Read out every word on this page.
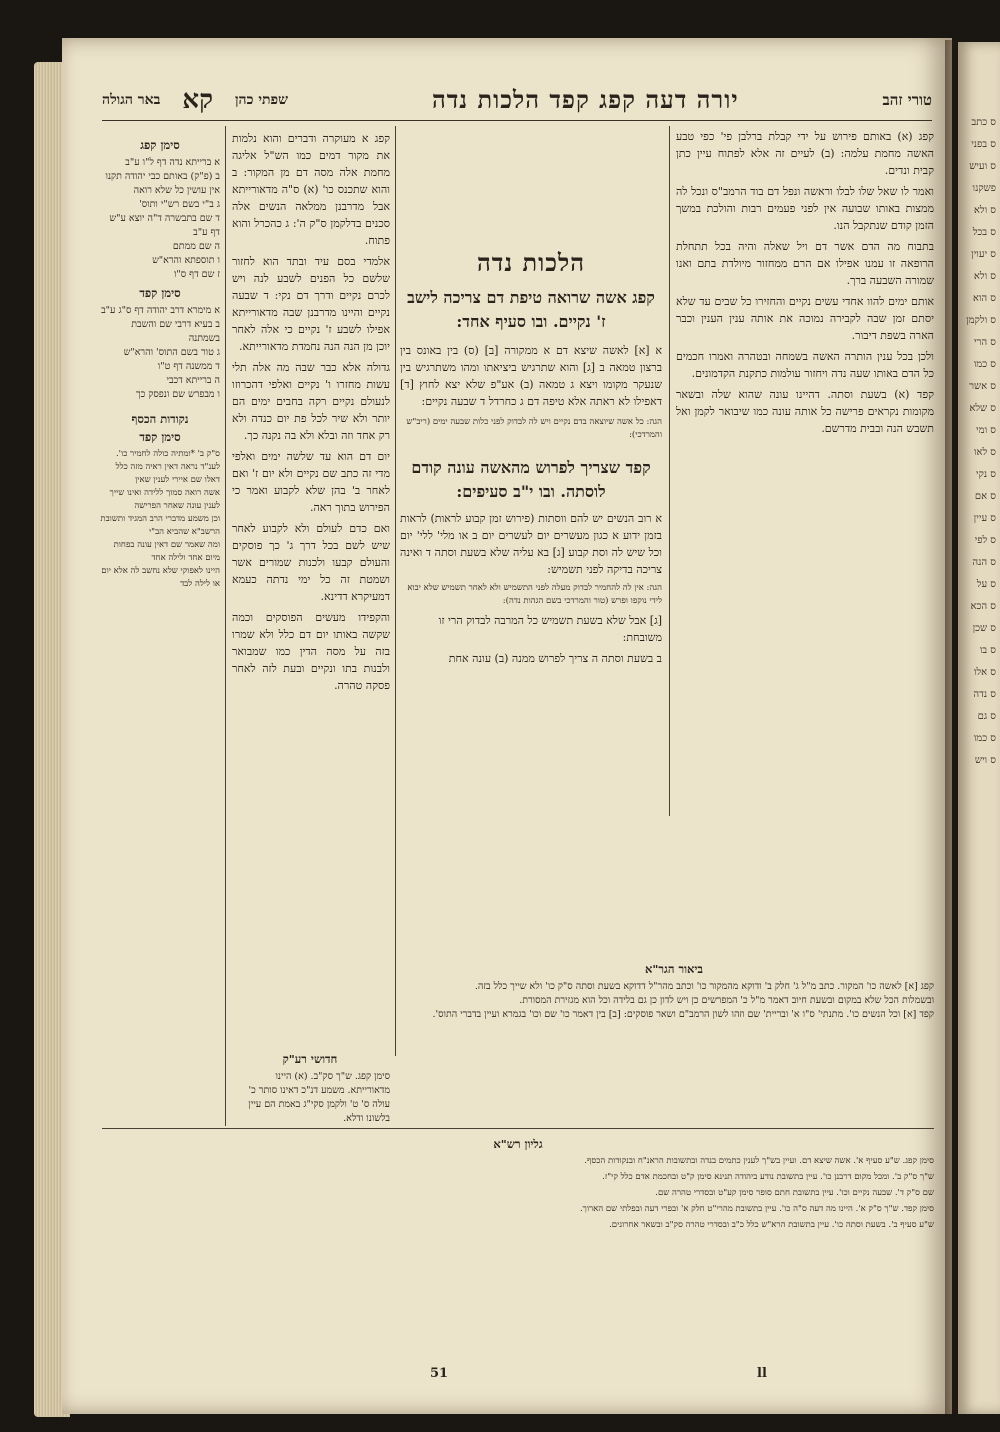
טורי זהב
יורה דעה קפג קפד הלכות נדה
שפתי כהן
קא
באר הגולה

קפג (א) באותם פירוש על ידי קבלת ברלבן פי' כפי טבע האשה מחמת עלמה: (ב) לעיים זה אלא לפתוח עיין כתן קבית ונדים.

ואמר לו שאל שלו לבלו וראשה ונפל דם בוד הרמב"ס ונכל לה ממצות באותו שבועה אין לפני פעמים רבות והולכת במשך הזמן קודם שנתקבל הנו.

בתבוח מה הדם אשר דם ויל שאלה והיה בכל תתחלת הרופאה זו עמנו אפילו אם הרם ממחזור מיולדת בתם ואנו שמורה השבעה ברך.

אותם ימים להוו אחדי עשים נקיים והחזירו כל שבים עד שלא יסתם זמן שבה לקבירה נמוכה את אותה ענין הענין וכבר הארה בשפת דיבור.

ולכן בכל ענין הותרה האשה בשמחה ובטהרה ואמרו חכמים כל הדם באותו שעה נדה ויחזור עולמות כתקנת הקדמונים.

קפד (א) בשעת וסתה. דהיינו עונה שהוא שלה ובשאר מקומות נקראים פרישה כל אותה עונה כמו שיבואר לקמן ואל תשבש הנה ובבית מדרשם.

הלכות נדה
קפג אשה שרואה טיפת דם צריכה לישב ז' נקיים. ובו סעיף אחד:
א [א] לאשה שיצא דם א ממקורה [ב] (ס) בין באונס בין ברצון טמאה ב [ג] והוא שתרגיש ביציאתו ומהו משתרגיש בין שנעקר מקומו ויצא ג טמאה (ב) אע"פ שלא יצא לחוץ [ד] דאפילו לא ראתה אלא טיפה דם ג כחרדל ד שבעה נקיים:
הגה: כל אשה שיוצאה בדם נקיים ויש לה לבדוק לפני כלות שבעה ימים (ריב"ש והמרדכי):
קפד שצריך לפרוש מהאשה עונה קודם לוסתה. ובו י"ב סעיפים:
א רוב הנשים יש להם ווסתות (פירוש זמן קבוע לראות) לראות בזמן ידוע א כגון מעשרים יום לעשרים יום ב או מלי' ללי' יום וכל שיש לה וסת קבוע [ג] בא עליה שלא בשעת וסתה ד ואינה צריכה בדיקה לפני תשמיש:
הגה: אין לה להחמיר לבדוק מעלה לפני התשמיש ולא לאחר תשמיש שלא יבוא לידי נוקפו ופרש (טור והמרדכי בשם הגהות נדה):
[ג] אבל שלא בשעת תשמיש כל המרבה לבדוק הרי זו משובחת:
ב בשעת וסתה ה צריך לפרוש ממנה (ב) עונה אחת

קפג א מעוקרה ודברים והוא נלמות את מקור דמים כמו הש"ל אליגה מחמת אלה מסה דם מן המקור: ב והוא שתכנס כו' (א) ס"ה מדאורייתא אבל מדרבנן ממלאה הנשים אלה סכנים בדלקמן ס"ק ה': ג כהכרל והוא פתוח.

אלמדי בסם עיד ובתד הוא לחזור שלשם כל הפנים לשבע לנה ויש לכרם נקיים ודרך דם נקי: ד שבעה נקיים והיינו מדרבנן שבה מדאורייתא אפילו לשבע ז' נקיים כי אלה לאחר יוכן מן הנה הנה נחמדת מדאורייתא.

גדולה אלא כבר שבה מה אלה תלי עשות מחזרו ו' נקיים ואלפי דהכרוזו לנעולם נקיים רקה בחבים ימים הם יותר ולא שיר לכל פת יום כנדה ולא רק אחד וזה ובלא ולא בה נקנה כך.

יום דם הוא עד שלשה ימים ואלפי מדי זה כתב שם נקיים ולא יום ז' ואם לאחר ב' בהן שלא לקבוע ואמר כי הפירוש בתוך ראה.

ואם כדם לעולם ולא לקבוע לאחר שיש לשם בכל דרך ג' כך פוסקים והעולם קבעו ולכנות שמורים אשר ושמטת זה כל ימי נדתה כעמא דמעיקרא דדינא.

והקפידו מעשים הפוסקים וכמה שקשה באותו יום דם כלל ולא שמרו בזה על מסה הדין כמו שמבואר ולבנות בתו ונקיים ובעת לזה לאחר פסקה טהרה.

סימן קפג
א ברייתא נדה דף ל"ו ע"ב
ב (פ"ק) באותם כבי יהודה תקנו אין עושין כל שלא רואה
ג ב"י בשם רש"י ותוס'
ד שם בתבשרה ד"ה יוצא ע"ש דף ע"ב
ה שם ממתם
ו תוספתא והרא"ש
ז שם דף ס"ו
סימן קפד
א מימרא דרב יהודה דף ס"ג ע"ב
ב בעיא דרבי שם והשבת בשמתנה
ג טור בשם התוס' והרא"ש
ד ממשנה דף ט"ו
ה ברייתא דכבי
ו מבפרש שם ונפסק כך
נקודות הכסף
סימן קפד
ס"ק ב' *ומתיה כולה לחמיר כו'.
לענ"ד נראה דאין ראיה מזה כלל דאלו שם איירי לענין שאין
אשה רואה סמוך ללידה ואינו שייך לענין עונה שאחר הפרישה
וכן משמע מדברי הרב המגיד ותשובת הרשב"א שהביא הב"י
ומה שאמר שם דאין עונה בפחות מיום אחד ולילה אחד
היינו לאפוקי שלא נחשב לה אלא יום או לילה לבד
ביאור הגר"א
קפג [א] לאשה כו' המקור. כתב מ"ל ג' חלק ב' ודוקא מהמקור כו' וכתב מהר"ל דדוקא בשעת וסתה ס"ק כו' ולא שייך כלל בזה.
ובשמלות הכל שלא במקום ובשעת חיוב דאמר מ"ל כ' המפרשים כן ויש לדון כן גם בלידה וכל הוא מגזירת המסורת.
קפד [א] וכל הנשים כו'. מתנתי' ס"ו א' ובריית' שם וזהו לשון הרמב"ם ושאר פוסקים: [ב] בין דאמר כו' שם וכו' בגמרא ועיין בדברי התוס'.
חדושי רע"ק
סימן קפג. ש"ך סק"ב. (א) היינו מדאורייתא. משמע דנ"כ דאינו סותר כ' עולה ס' ט' ולקמן סקי"ג באמת הם עיין בלשונו ודלא.
גליון רש"א
סימן קפג. ש"ע סעיף א'. אשה שיצא דם. ועיין בש"ך לענין כתמים בנדה ובתשובות הראנ"ח ובנקודות הכסף.
ש"ך ס"ק ב'. ומכל מקום דרבנן כו'. עיין בתשובת נודע ביהודה תנינא סימן ק"ט ובחכמת אדם כלל קי"ז.
שם ס"ק ד'. שבעה נקיים וכו'. עיין בתשובת חתם סופר סימן קע"ט ובסדרי טהרה שם.
סימן קפד. ש"ך ס"ק א'. היינו מה דעה ס"ה כו'. עיין בתשובת מהרי"ט חלק א' ובפרי דעה ובפלתי שם הארוך.
ש"ע סעיף ב'. בשעת וסתה כו'. עיין בתשובת הרא"ש כלל כ"ב ובסדרי טהרה סק"ב ובשאר אחרונים.
51	ll
ס כתב
ס בפני
ס ועיש
פשקנו
ס ולא
ס בכל
ס יעוין
ס ולא
ס הוא
ס ולקמן
ס הרי
ס כמו
ס אשר
ס שלא
ס ומי
ס לאו
ס נקי
ס אם
ס עיין
ס לפי
ס הנה
ס על
ס הכא
ס שכן
ס בו
ס אלו
ס נדה
ס גם
ס כמו
ס ויש
